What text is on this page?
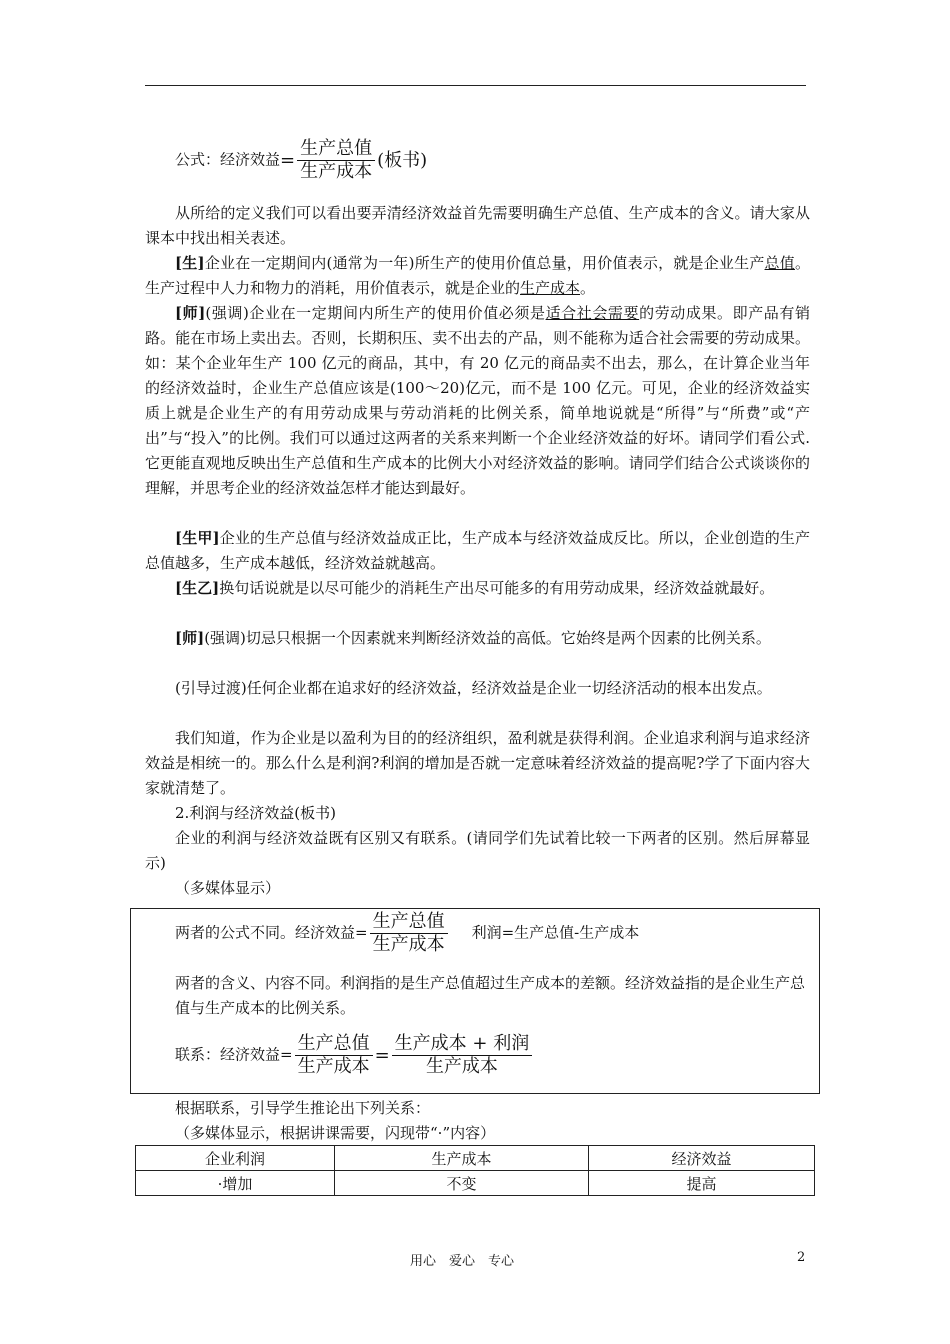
公式：经济效益= $\frac{\text{生产总值}}{\text{生产成本}}$ (板书)

从所给的定义我们可以看出要弄清经济效益首先需要明确生产总值、生产成本的含义。请大家从课本中找出相关表述。

[生]企业在一定期间内(通常为一年)所生产的使用价值总量，用价值表示，就是企业生产总值。生产过程中人力和物力的消耗，用价值表示，就是企业的生产成本。

[师](强调)企业在一定期间内所生产的使用价值必须是适合社会需要的劳动成果。即产品有销路。能在市场上卖出去。否则，长期积压、卖不出去的产品，则不能称为适合社会需要的劳动成果。如：某个企业年生产 100 亿元的商品，其中，有 20 亿元的商品卖不出去，那么，在计算企业当年的经济效益时，企业生产总值应该是(100～20)亿元，而不是 100 亿元。可见，企业的经济效益实质上就是企业生产的有用劳动成果与劳动消耗的比例关系，简单地说就是“所得”与“所费”或“产出”与“投入”的比例。我们可以通过这两者的关系来判断一个企业经济效益的好坏。请同学们看公式. 它更能直观地反映出生产总值和生产成本的比例大小对经济效益的影响。请同学们结合公式谈谈你的理解，并思考企业的经济效益怎样才能达到最好。

[生甲]企业的生产总值与经济效益成正比，生产成本与经济效益成反比。所以，企业创造的生产总值越多，生产成本越低，经济效益就越高。

[生乙]换句话说就是以尽可能少的消耗生产出尽可能多的有用劳动成果，经济效益就最好。

[师](强调)切忌只根据一个因素就来判断经济效益的高低。它始终是两个因素的比例关系。

(引导过渡)任何企业都在追求好的经济效益，经济效益是企业一切经济活动的根本出发点。

我们知道，作为企业是以盈利为目的的经济组织，盈利就是获得利润。企业追求利润与追求经济效益是相统一的。那么什么是利润?利润的增加是否就一定意味着经济效益的提高呢?学了下面内容大家就清楚了。

2.利润与经济效益(板书)

企业的利润与经济效益既有区别又有联系。(请同学们先试着比较一下两者的区别。然后屏幕显示)

（多媒体显示）

根据联系，引导学生推论出下列关系：

（多媒体显示，根据讲课需要，闪现带“·”内容）

两者的公式不同。经济效益= $\frac{\text{生产总值}}{\text{生产成本}}$ 利润=生产总值-生产成本
两者的含义、内容不同。利润指的是生产总值超过生产成本的差额。经济效益指的是企业生产总值与生产成本的比例关系。
联系：经济效益= $\frac{\text{生产总值}}{\text{生产成本}} = \frac{\text{生产成本 + 利润}}{\text{生产成本}}$
企业利润	生产成本	经济效益
·增加	不变	提高
用心　爱心　专心	2
